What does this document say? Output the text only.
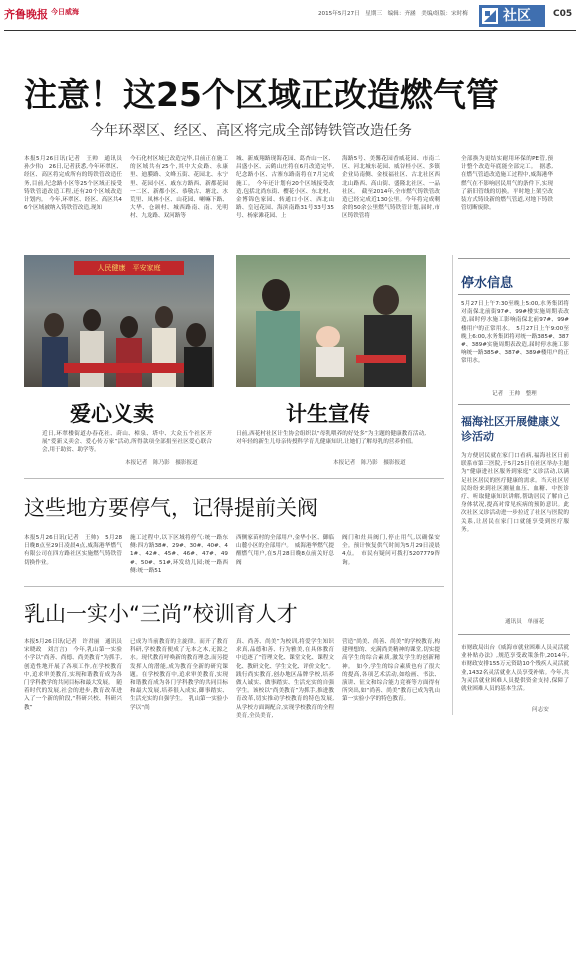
齐鲁晚报 今日威海	2015年5月27日　星期三　编辑：齐涵　美编/组版：宋时梅	社区 C05
注意！这25个区域正改造燃气管
今年环翠区、经区、高区将完成全部铸铁管改造任务
本报5月26日讯(记者　王帅　通讯员　孙少伟)　26日,记者获悉,今年环翠区、经区、高区将完成所有的铸铁管改造任务,目前,纪念路小区等25个区域正接受铸铁管道改造工程,还有20个区域改造计划内。　今年,环翠区、经区、高区共46个区域被纳入铸铁管改造,现知
今石化村区域已改造完毕,目前正在施工的区域共有25个,其中大众路、永康里、迪膜路、文峰五街、花园北、永宁里、花园小区、戚东方路西、新都花园一二区、新都小区、恭敬古、塘北、水荒里、凤林小区、山花园、喇嘛下路、大华、仓颉村、城西路南、南、光明村、九龙路、双河路等
城、新威翔路现海花园、葛杏山一区、昌盛小区、云鹤山庄将在6月改造完毕,纪念路小区、古寨东路南将在7月完成施工。　今年还计划有20个区域接受改造,包括北尚东街、樱花小区、东北村、金博锦色家园、转通口小区、西北山路、皇冠花园、海滨南路31号33号35号、杨家滩花园、上
海路5号、美馨花园香威花园、市南二区、河北城东花园、威谷桂小区、多镇企业局南侧、金枝福社区、古北社区西北山路西、高山街、盛隆北社区、一品社区。　截至2014年,全市燃气铸铁管改造已经完成近130公里。今年将完成剩余的50余公里燃气铸铁管计划,届时,市区铸铁管将
全部换为更结实耐用环保的PE管,预计整个改造年底能全部完工。　据悉,在燃气管道改造施工过程中,威海港华燃气在不影响居民用气的条件下,实现了新旧管线的切换。平时地上架空改装方式铸设新的燃气管道,对地下铸铁管切断废除。
人民健康　平安家庭
爱心义卖
近日,环翠楼街道办春花社、莳山、樟泉、塔中、大众五个社区开展“爱新义卖会、爱心传万家”活动,所得款项全部捐至社区爱心联合会,用于助贫、助学等。
本报记者　陈乃影　摄影报道
计生宣传
日前,西花村社区计生协会组织以“母乳喂养的好处多”为主题的健康教育活动,对年轻的新生儿母亲传授科学育儿健康知识,让她们了解母乳的营养价值。
本报记者　陈乃影　摄影报道
这些地方要停气，记得提前关阀
本报5月26日讯(记者　王帅)　5月28日晚8点至29日凌晨4点,威海港华燃气有限公司在四方路社区实施燃气铸铁管切换作业。
施工过程中,以下区域将停气:统一路东侧:四方路38#、29#、30#、40#、41#、42#、45#、46#、47#、49#、50#、51#,环发幼儿园;统一路西侧:统一路51
西侧家苗村的全部用户,金华小区、御临山麓小区的全部用户。　威海港华燃气提醒燃气用户,在5月28日晚8点前关好总阀
阀门和灶具阀门,停止用气,以确保安全。预计恢复供气时间为5月29日凌晨4点。　市民有疑问可拨打5207779咨询。
乳山一实小“三尚”校训育人才
本报5月26日讯(记者　许君丽　通讯员　宋晓政　刘言言)　今年,乳山第一实验小学以“尚善、尚德、尚美教育”为抓手,创造性地开展了各项工作,在学校教育中,追求审美教育,实现和谐教育成为各门学科教学的共同目标和最大发展。　随着时代的发展,社会的进步,教育改革进入了一个新的阶段,“科研兴校、科研兴教”
已成为当前教育的主旋律。而开了教育科研,学校教育便成了无本之木,无源之水。现代教育呼唤新的教育理念,而另提发挥人的潜能,成为教育全新的研究课题。在学校教育中,追求审美教育,实现和谐教育成为各门学科教学的共同目标和最大发展,培养很入成实,御事踏实、生活充实的自强学生。　乳山第一实验小学以“尚
真、尚善、尚美”为校训,将爱学生知识求真,品德和善、行为雅美,在具体教育中追逐了“管理文化、课堂文化、课程文化、教研文化、学生文化、评价文化”。践行尚实教育,创办地区品牌学校,培养做人诚实、做事踏实、生活充实的自强学生。该校以“尚美教育”为抓手,推进教育改革,切实推动学校教育的特色发展,从学校方面调配合,实现学校教育的全程美育,全员美育,
营造“尚美、尚善、尚美”的学校教育,构建理想的、充满尚美精神的课堂,切实提高学生的综合素质,激发学生的创新精神。　如今,学生的综合素质也有了很大的提高,各项艺术活动,如绘画、书法、演讲、征文和综合能力竞赛等方面得有所突出,如“尚善、尚美”教育已成为乳山第一实验小学的特色教育。
停水信息
5月27日上午7:30至晚上5:00,水务集团将对南保北前街97#、99#楼实施周期表改造,届时停水施工影响南保北前97#、99#楼用户的正常用水。　5月27日上午9:00至晚上6:00,水务集团将对统一路385#、387#、389#实施周期表改造,届时停水施工影响统一路385#、387#、389#楼用户的正常用水。
记者　王帅　整理
福海社区开展健康义诊活动
为方便居民就在家门口看病,福海社区日前联系市第三医院,于5月25日在社区举办主题为“健康进社区服务到家庭”义诊活动,以满足社区居民的医疗健康的需求。当天社区居民纷纷来到社区测量血压、血糖、中医诊疗、听取健康知识讲解,帮助居民了解自己身体状况,提高对常见疾病的预防意识。此次社区义诊活动进一步拉近了社区与医院的关系,让居民在家门口就能享受到医疗服务。
通讯员　单丽花
市财政局出台《威海市就业困难人员灵活就业补贴办法》,规范享受政策条件,2014年,市财政安排155万元资助10个残疾人灵活就业,1432名灵活就业人员享受补贴。今年,共为灵活就业困难人员提供资金支持,保障了就业困难人员的基本生活。
问志安
